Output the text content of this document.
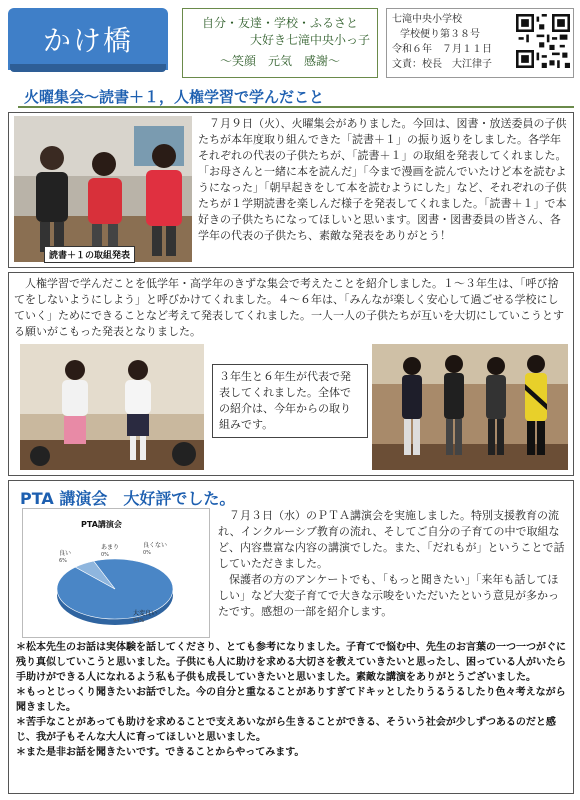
かけ橋
自分・友達・学校・ふるさと
大好き七滝中央小っ子
～笑顔　元気　感謝～
七滝中央小学校
学校便り第３８号
令和６年　７月１１日
文責：校長　大江律子
火曜集会～読書＋１，人権学習で学んだこと
読書＋１の取組発表
７月９日（火）、火曜集会がありました。今回は、図書・放送委員の子供たちが本年度取り組んできた「読書＋１」の振り返りをしました。各学年それぞれの代表の子供たちが、「読書＋１」の取組を発表してくれました。「お母さんと一緒に本を読んだ」「今まで漫画を読んでいたけど本を読むようになった」「朝早起きをして本を読むようにした」など、それぞれの子供たちが１学期読書を楽しんだ様子を発表してくれました。「読書＋１」で本好きの子供たちになってほしいと思います。図書・図書委員の皆さん、各学年の代表の子供たち、素敵な発表をありがとう！
人権学習で学んだことを低学年・高学年のきずな集会で考えたことを紹介しました。１～３年生は、「呼び捨てをしないようにしよう」と呼びかけてくれました。４～６年は、「みんなが楽しく安心して過ごせる学校にしていく」ためにできることなど考えて発表してくれました。一人一人の子供たちが互いを大切にしていこうとする願いがこもった発表となりました。
３年生と６年生が代表で発表してくれました。全体での紹介は、今年からの取り組みです。
PTA 講演会　大好評でした。
PTA講演会
大変良い
94%
良い
6%
あまり
0%
良くない
0%
７月３日（水）のＰＴＡ講演会を実施しました。特別支援教育の流れ、インクルーシブ教育の流れ、そしてご自分の子育ての中で取組など、内容豊富な内容の講演でした。また、「だれもが」ということで話していただきました。
保護者の方のアンケートでも、「もっと聞きたい」「来年も話してほしい」など大変子育てで大きな示唆をいただいたという意見が多かったです。感想の一部を紹介します。

＊松本先生のお話は実体験を話してくださり、とても参考になりました。子育てで悩む中、先生のお言葉の一つ一つがぐに残り真似していこうと思いました。子供にも人に助けを求める大切さを教えていきたいと思ったし、困っている人がいたら手助けができる人になれるよう私も子供も成長していきたいと思いました。素敵な講演をありがとうございました。

＊もっとじっくり聞きたいお話でした。今の自分と重なることがありすぎてドキッとしたりうるうるしたり色々考えながら聞きました。

＊苦手なことがあっても助けを求めることで支えあいながら生きることができる、そういう社会が少しずつあるのだと感じ、我が子もそんな大人に育ってほしいと思いました。

＊また是非お話を聞きたいです。できることからやってみます。
